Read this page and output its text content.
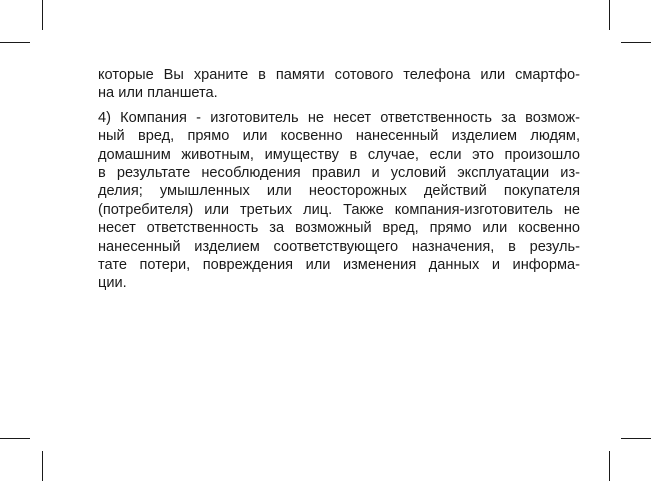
которые Вы храните в памяти сотового телефона или смартфо-
на или планшета.

4) Компания - изготовитель не несет ответственность за возмож-
ный вред, прямо или косвенно нанесенный изделием людям,
домашним животным, имуществу в случае, если это произошло
в результате несоблюдения правил и условий эксплуатации из-
делия; умышленных или неосторожных действий покупателя
(потребителя) или третьих лиц. Также компания-изготовитель не
несет ответственность за возможный вред, прямо или косвенно
нанесенный изделием соответствующего назначения, в резуль-
тате потери, повреждения или изменения данных и информа-
ции.
